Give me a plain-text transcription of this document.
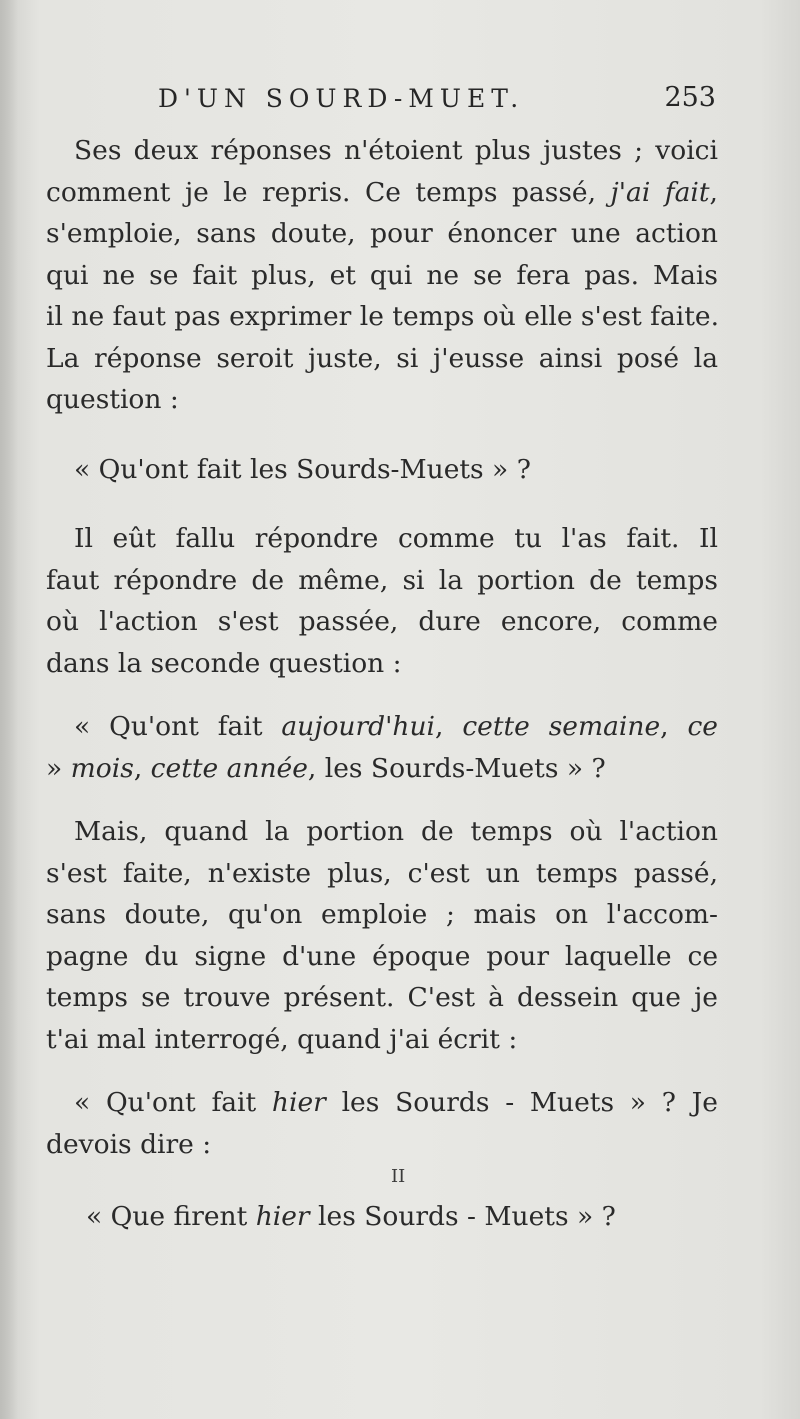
D'UN SOURD-MUET.	253
Ses deux réponses n'étoient plus justes ; voici
comment je le repris. Ce temps passé, j'ai fait,
s'emploie, sans doute, pour énoncer une action
qui ne se fait plus, et qui ne se fera pas. Mais
il ne faut pas exprimer le temps où elle s'est faite.
La réponse seroit juste, si j'eusse ainsi posé la
question :
« Qu'ont fait les Sourds-Muets » ?
Il eût fallu répondre comme tu l'as fait. Il
faut répondre de même, si la portion de temps
où l'action s'est passée, dure encore, comme
dans la seconde question :
« Qu'ont fait aujourd'hui, cette semaine, ce
» mois, cette année, les Sourds-Muets » ?
Mais, quand la portion de temps où l'action
s'est faite, n'existe plus, c'est un temps passé,
sans doute, qu'on emploie ; mais on l'accom-
pagne du signe d'une époque pour laquelle ce
temps se trouve présent. C'est à dessein que je
t'ai mal interrogé, quand j'ai écrit :
« Qu'ont fait hier les Sourds - Muets » ? Je
devois dire :
II
« Que firent hier les Sourds - Muets » ?
